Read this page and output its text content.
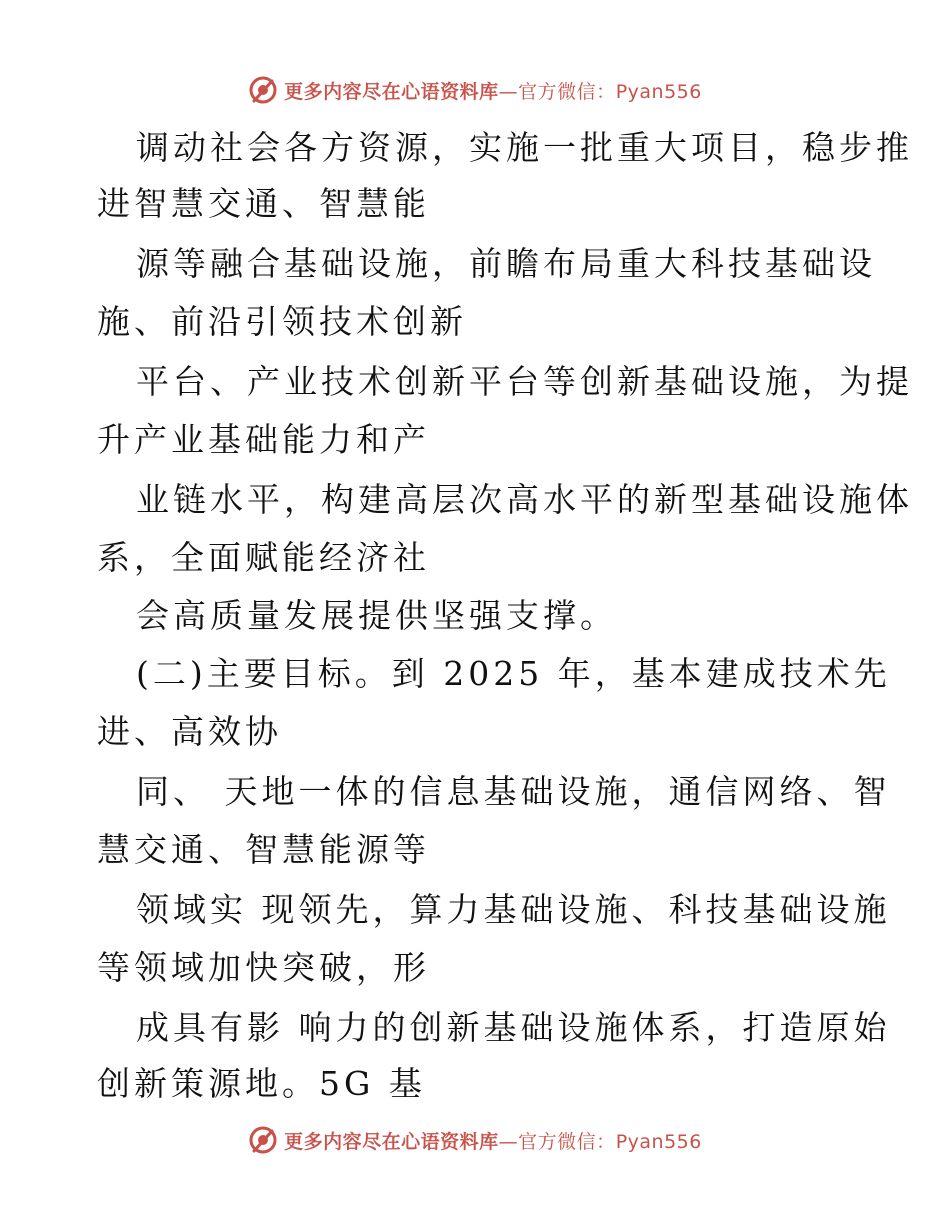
更多内容尽在心语资料库—官方微信：Pyan556
调动社会各方资源，实施一批重大项目，稳步推
进智慧交通、智慧能
源等融合基础设施，前瞻布局重大科技基础设
施、前沿引领技术创新
平台、产业技术创新平台等创新基础设施，为提
升产业基础能力和产
业链水平，构建高层次高水平的新型基础设施体
系，全面赋能经济社
会高质量发展提供坚强支撑。
(二)主要目标。到 2025 年，基本建成技术先
进、高效协
同、 天地一体的信息基础设施，通信网络、智
慧交通、智慧能源等
领域实 现领先，算力基础设施、科技基础设施
等领域加快突破，形
成具有影 响力的创新基础设施体系，打造原始
创新策源地。5G 基
更多内容尽在心语资料库—官方微信：Pyan556
